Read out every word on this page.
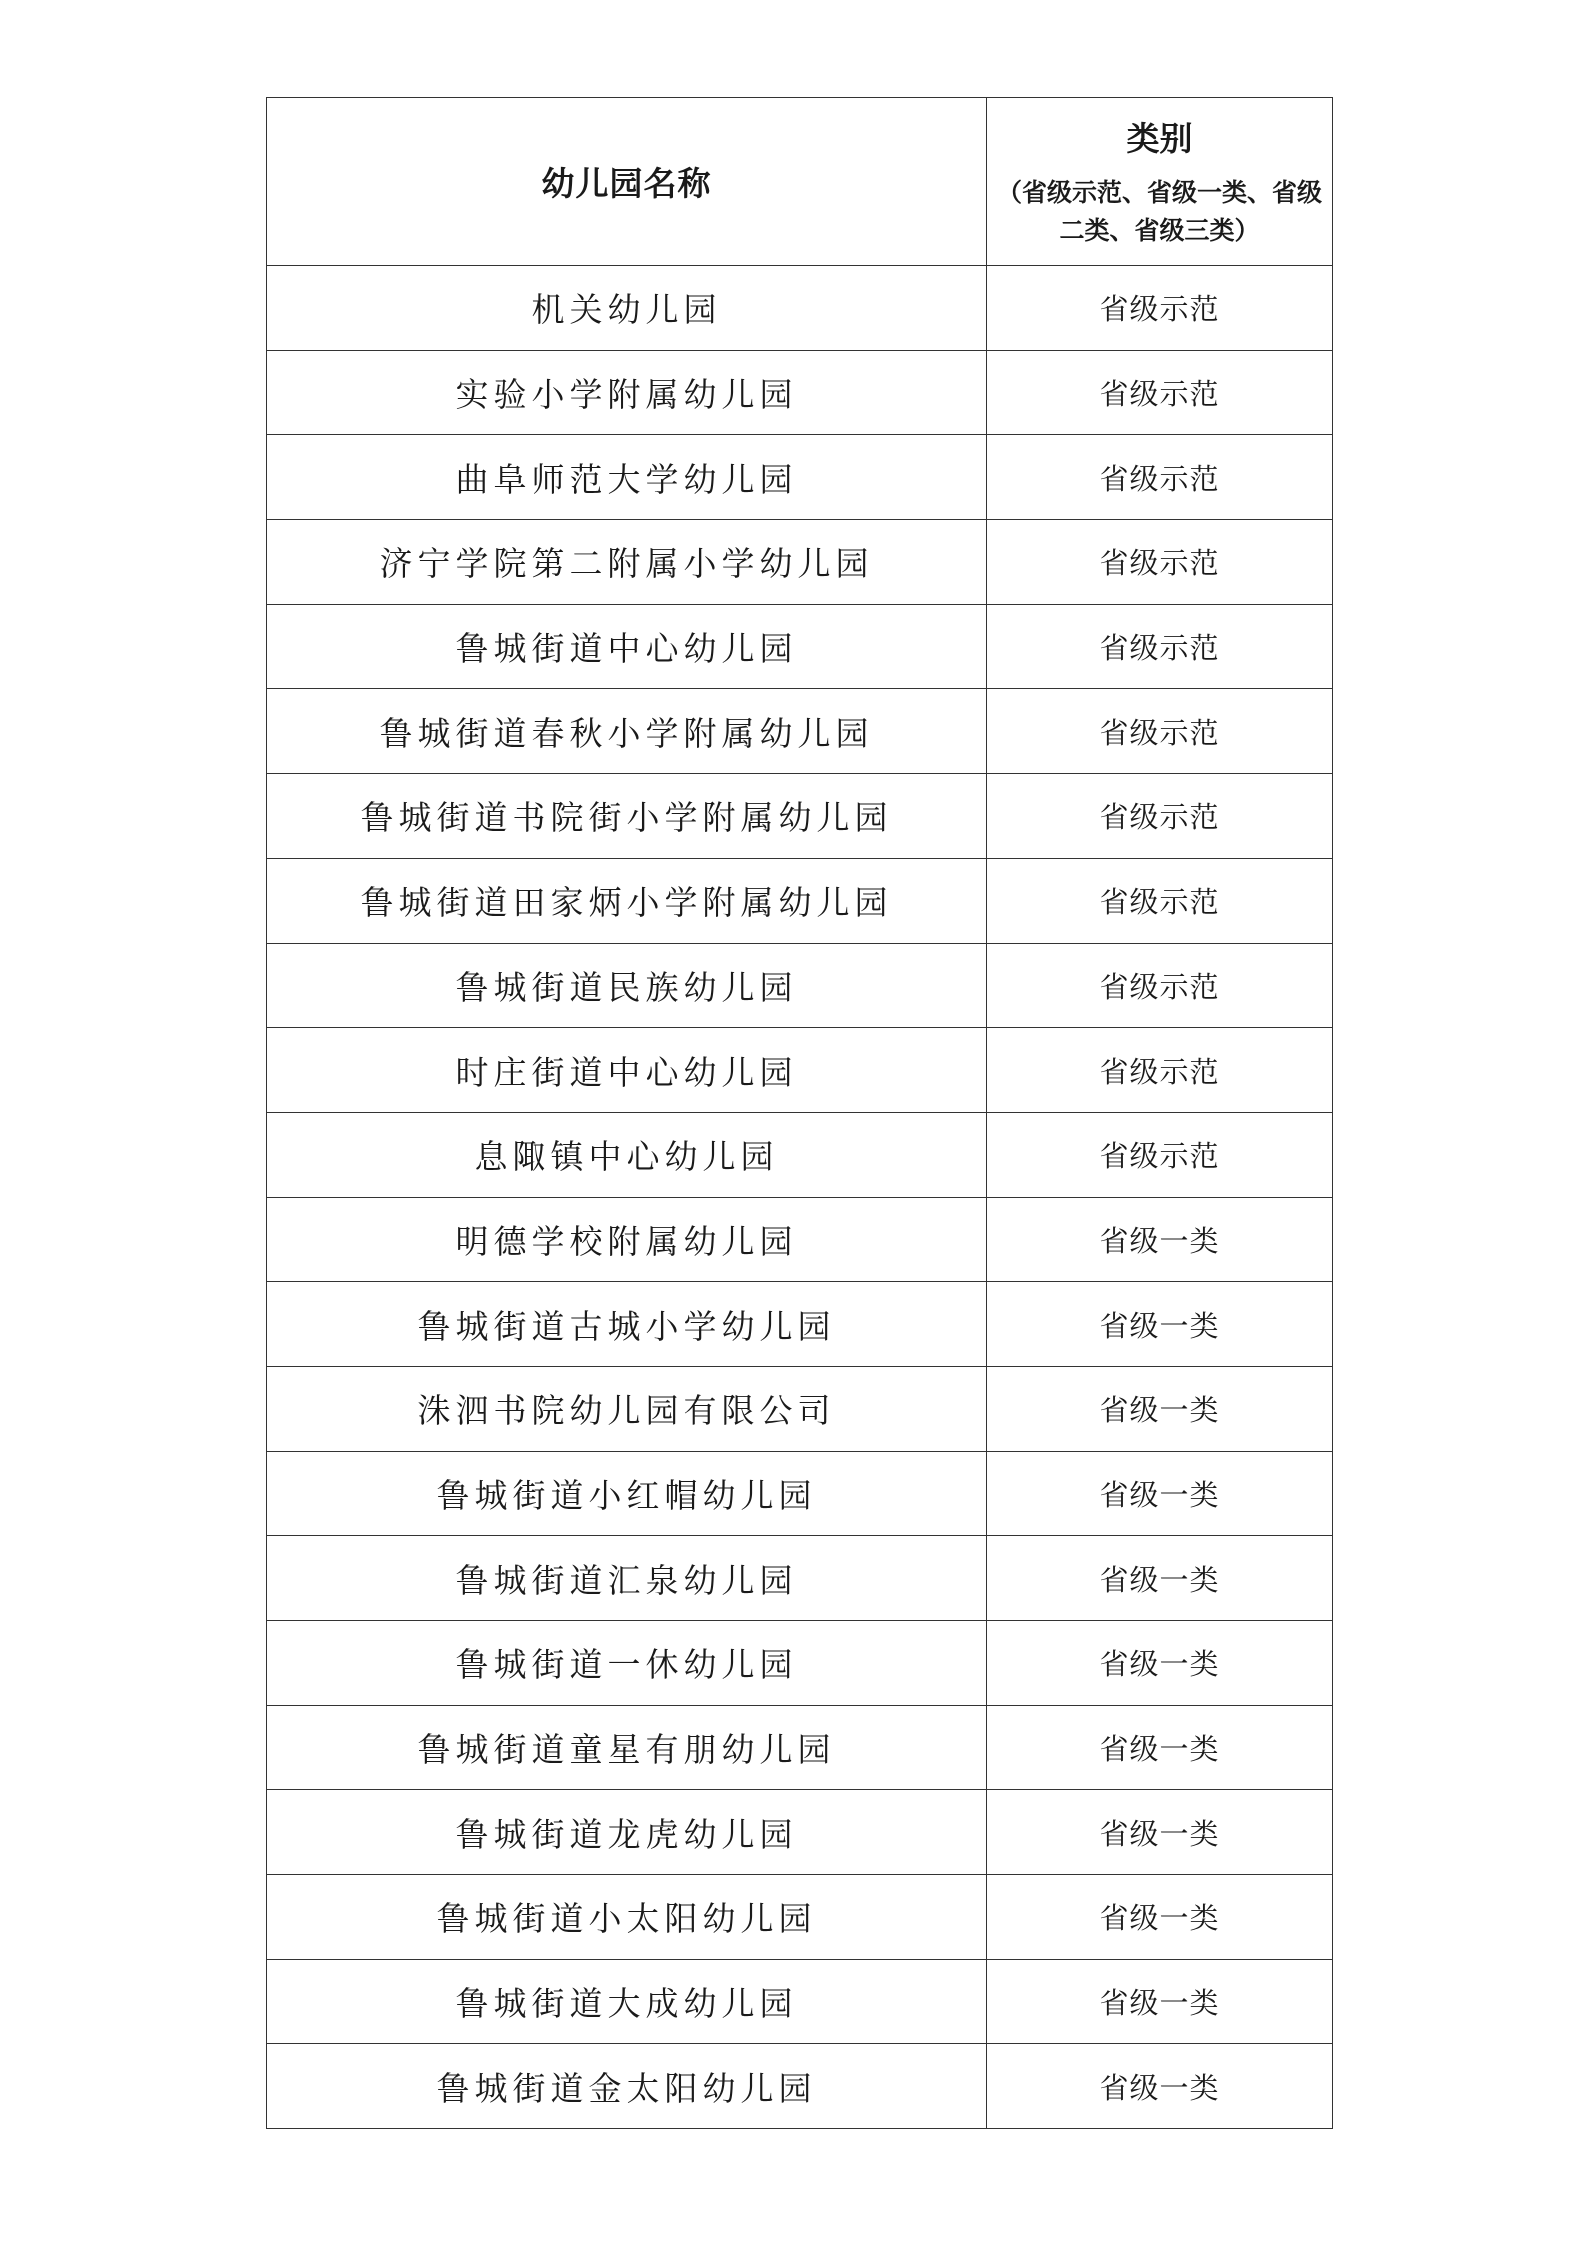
幼儿园名称	类别
（省级示范、省级一类、省级二类、省级三类）

机关幼儿园	省级示范
实验小学附属幼儿园	省级示范
曲阜师范大学幼儿园	省级示范
济宁学院第二附属小学幼儿园	省级示范
鲁城街道中心幼儿园	省级示范
鲁城街道春秋小学附属幼儿园	省级示范
鲁城街道书院街小学附属幼儿园	省级示范
鲁城街道田家炳小学附属幼儿园	省级示范
鲁城街道民族幼儿园	省级示范
时庄街道中心幼儿园	省级示范
息陬镇中心幼儿园	省级示范
明德学校附属幼儿园	省级一类
鲁城街道古城小学幼儿园	省级一类
洙泗书院幼儿园有限公司	省级一类
鲁城街道小红帽幼儿园	省级一类
鲁城街道汇泉幼儿园	省级一类
鲁城街道一休幼儿园	省级一类
鲁城街道童星有朋幼儿园	省级一类
鲁城街道龙虎幼儿园	省级一类
鲁城街道小太阳幼儿园	省级一类
鲁城街道大成幼儿园	省级一类
鲁城街道金太阳幼儿园	省级一类
